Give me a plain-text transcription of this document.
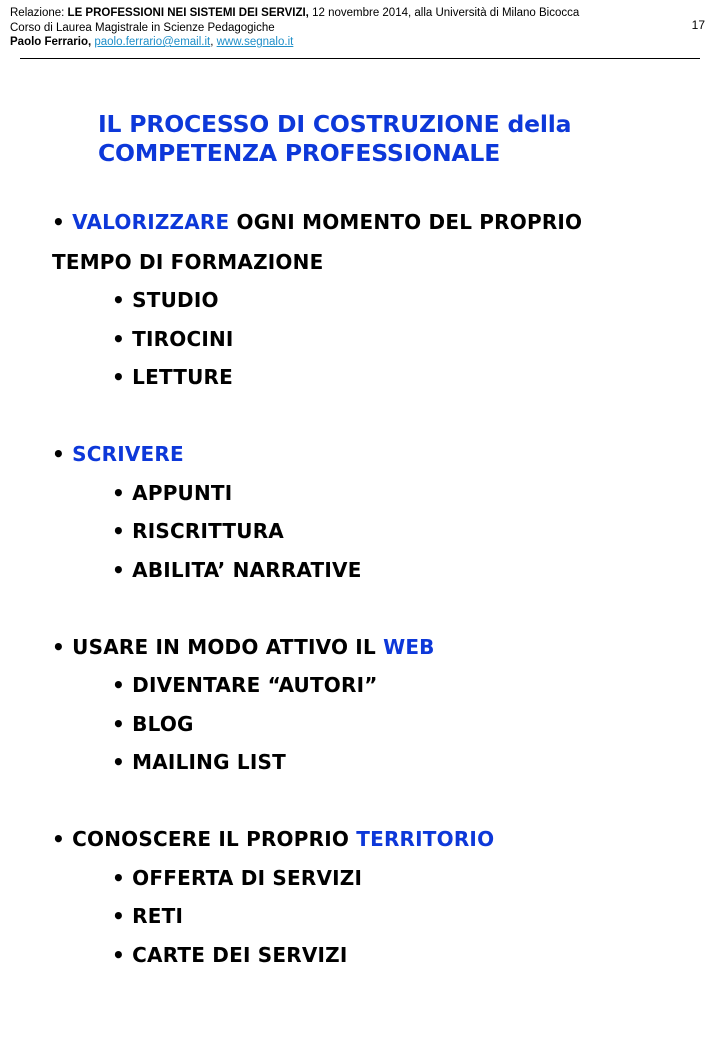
Relazione: LE PROFESSIONI NEI SISTEMI DEI SERVIZI, 12 novembre 2014, alla Università di Milano Bicocca
Corso di Laurea Magistrale in Scienze Pedagogiche
Paolo Ferrario, paolo.ferrario@email.it, www.segnalo.it
17
IL PROCESSO DI COSTRUZIONE della
COMPETENZA PROFESSIONALE
• VALORIZZARE OGNI MOMENTO DEL PROPRIO
TEMPO DI FORMAZIONE
• STUDIO
• TIROCINI
• LETTURE
• SCRIVERE
• APPUNTI
• RISCRITTURA
• ABILITA’ NARRATIVE
• USARE IN MODO ATTIVO IL WEB
• DIVENTARE “AUTORI”
• BLOG
• MAILING LIST
• CONOSCERE IL PROPRIO TERRITORIO
• OFFERTA DI SERVIZI
• RETI
• CARTE DEI SERVIZI
